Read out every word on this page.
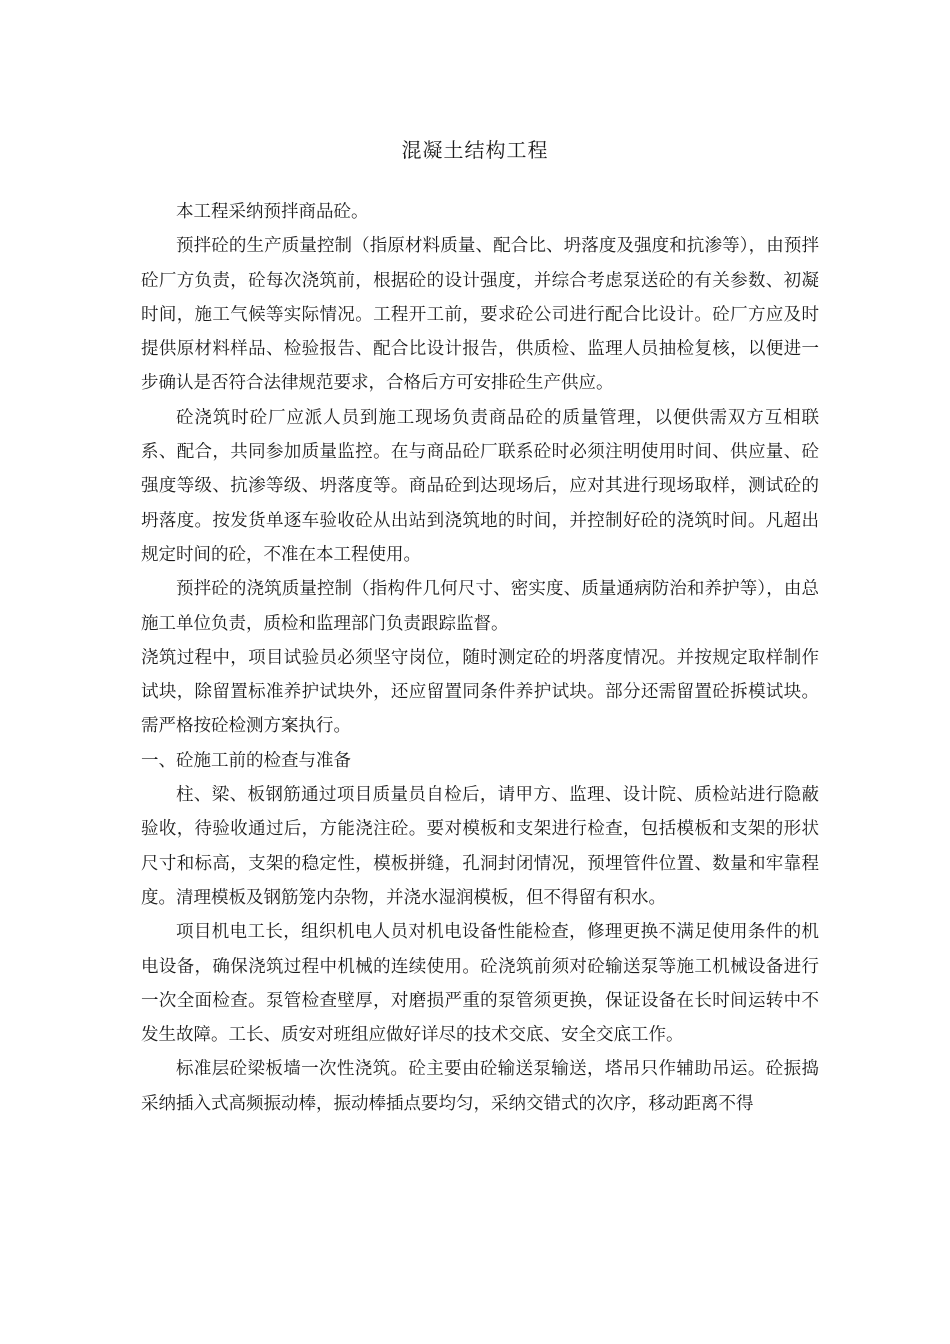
混凝土结构工程

本工程采纳预拌商品砼。

预拌砼的生产质量控制（指原材料质量、配合比、坍落度及强度和抗渗等），由预拌砼厂方负责，砼每次浇筑前，根据砼的设计强度，并综合考虑泵送砼的有关参数、初凝时间，施工气候等实际情况。工程开工前，要求砼公司进行配合比设计。砼厂方应及时提供原材料样品、检验报告、配合比设计报告，供质检、监理人员抽检复核，以便进一步确认是否符合法律规范要求，合格后方可安排砼生产供应。

砼浇筑时砼厂应派人员到施工现场负责商品砼的质量管理，以便供需双方互相联系、配合，共同参加质量监控。在与商品砼厂联系砼时必须注明使用时间、供应量、砼强度等级、抗渗等级、坍落度等。商品砼到达现场后，应对其进行现场取样，测试砼的坍落度。按发货单逐车验收砼从出站到浇筑地的时间，并控制好砼的浇筑时间。凡超出规定时间的砼，不准在本工程使用。

预拌砼的浇筑质量控制（指构件几何尺寸、密实度、质量通病防治和养护等），由总施工单位负责，质检和监理部门负责跟踪监督。

浇筑过程中，项目试验员必须坚守岗位，随时测定砼的坍落度情况。并按规定取样制作试块，除留置标准养护试块外，还应留置同条件养护试块。部分还需留置砼拆模试块。需严格按砼检测方案执行。

一、砼施工前的检查与准备

柱、梁、板钢筋通过项目质量员自检后，请甲方、监理、设计院、质检站进行隐蔽验收，待验收通过后，方能浇注砼。要对模板和支架进行检查，包括模板和支架的形状尺寸和标高，支架的稳定性，模板拼缝，孔洞封闭情况，预埋管件位置、数量和牢靠程度。清理模板及钢筋笼内杂物，并浇水湿润模板，但不得留有积水。

项目机电工长，组织机电人员对机电设备性能检查，修理更换不满足使用条件的机电设备，确保浇筑过程中机械的连续使用。砼浇筑前须对砼输送泵等施工机械设备进行一次全面检查。泵管检查壁厚，对磨损严重的泵管须更换，保证设备在长时间运转中不发生故障。工长、质安对班组应做好详尽的技术交底、安全交底工作。

标准层砼梁板墙一次性浇筑。砼主要由砼输送泵输送，塔吊只作辅助吊运。砼振捣采纳插入式高频振动棒，振动棒插点要均匀，采纳交错式的次序，移动距离不得
